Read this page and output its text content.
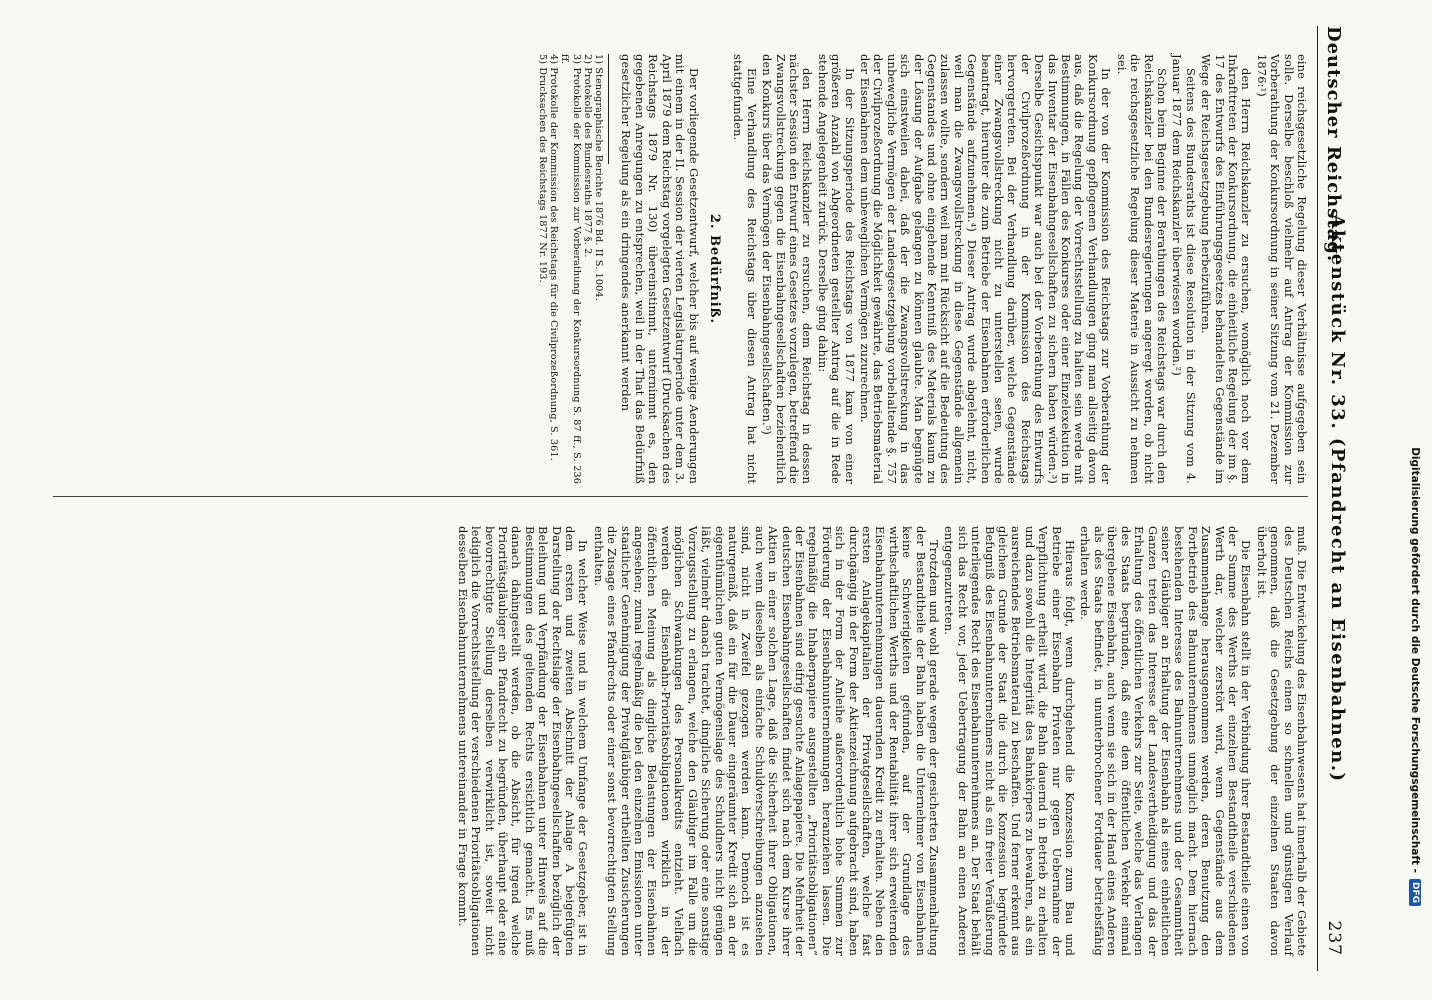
Deutscher Reichstag.
Aktenstück Nr. 33. (Pfandrecht an Eisenbahnen.)
237

eine reichsgesetzliche Regelung dieser Verhältnisse aufgegeben sein solle. Derselbe beschloß vielmehr auf Antrag der Kommission zur Vorberathung der Konkursordnung in seiner Sitzung vom 21. Dezember 1876:¹)

den Herrn Reichskanzler zu ersuchen, womöglich noch vor dem Inkrafttreten der Konkursordnung, die einheitliche Regelung der im §. 17 des Entwurfs des Einführungsgesetzes behandelten Gegenstände im Wege der Reichsgesetzgebung herbeizuführen.

Seitens des Bundesraths ist diese Resolution in der Sitzung vom 4. Januar 1877 dem Reichskanzler überwiesen worden.²)

Schon beim Beginne der Berathungen des Reichstags war durch den Reichskanzler bei den Bundesregierungen angeregt worden, ob nicht die reichsgesetzliche Regelung dieser Materie in Aussicht zu nehmen sei.

In der von der Kommission des Reichstags zur Vorberathung der Konkursordnung gepflogenen Verhandlungen ging man allseitig davon aus, daß die Regelung der Vorrechtsstellung zu halten sein werde mit Bestimmungen, in Fällen des Konkurses oder einer Einzelexekution in das Inventar der Eisenbahngesellschaften zu sichern haben würden.³) Derselbe Gesichtspunkt war auch bei der Vorberathung des Entwurfs der Civilprozeßordnung in der Kommission des Reichstags hervorgetreten. Bei der Verhandlung darüber, welche Gegenstände einer Zwangsvollstreckung nicht zu unterstellen seien, wurde beantragt, hierunter die zum Betriebe der Eisenbahnen erforderlichen Gegenstände aufzunehmen.⁴) Dieser Antrag wurde abgelehnt, nicht, weil man die Zwangsvollstreckung in diese Gegenstände allgemein zulassen wollte, sondern weil man mit Rücksicht auf die Bedeutung des Gegenstandes und ohne eingehende Kenntniß des Materials kaum zu der Lösung der Aufgabe gelangen zu können glaubte. Man begnügte sich einstweilen dabei, daß der die Zwangsvollstreckung in das unbewegliche Vermögen der Landesgesetzgebung vorbehaltende §. 757 der Civilprozeßordnung die Möglichkeit gewährte, das Betriebsmaterial der Eisenbahnen dem unbeweglichen Vermögen zuzurechnen.

In der Sitzungsperiode des Reichstags von 1877 kam von einer größeren Anzahl von Abgeordneten gestellter Antrag auf die in Rede stehende Angelegenheit zurück. Derselbe ging dahin:

den Herrn Reichskanzler zu ersuchen, dem Reichstag in dessen nächster Session den Entwurf eines Gesetzes vorzulegen, betreffend die Zwangsvollstreckung gegen die Eisenbahngesellschaften beziehentlich den Konkurs über das Vermögen der Eisenbahngesellschaften.⁵)

Eine Verhandlung des Reichstags über diesen Antrag hat nicht stattgefunden.

2. Bedürfniß.

Der vorliegende Gesetzentwurf, welcher bis auf wenige Aenderungen mit einem in der II. Session der vierten Legislaturperiode unter dem 3. April 1879 dem Reichstag vorgelegten Gesetzentwurf (Drucksachen des Reichstags 1879 Nr. 130) übereinstimmt, unternimmt es, den gegebenen Anregungen zu entsprechen, weil in der That das Bedürfniß gesetzlicher Regelung als ein dringendes anerkannt werden

1) Stenographische Berichte 1876 Bd. II S. 1004.
2) Protokolle des Bundesraths 1877 §. 2.
3) Protokolle der Kommission zur Vorberathung der Konkursordnung S. 87 ff., S. 236 ff.
4) Protokolle der Kommission des Reichstags für die Civilprozeßordnung, S. 361.
5) Drucksachen des Reichstags 1877 Nr. 193.

muß. Die Entwickelung des Eisenbahnwesens hat innerhalb der Gebiete des Deutschen Reichs einen so schnellen und günstigen Verlauf genommen, daß die Gesetzgebung der einzelnen Staaten davon überholt ist.

Die Eisenbahn stellt in der Verbindung ihrer Bestandtheile einen von der Summe des Werths der einzelnen Bestandtheile verschiedenen Werth dar, welcher zerstört wird, wenn Gegenstände aus dem Zusammenhange herausgenommen werden, deren Benutzung den Fortbetrieb des Bahnunternehmens unmöglich macht. Dem hiernach bestehenden Interesse des Bahnunternehmens und der Gesammtheit seiner Gläubiger an Erhaltung der Eisenbahn als eines einheitlichen Ganzen treten das Interesse der Landesvertheidigung und das der Erhaltung des öffentlichen Verkehrs zur Seite, welche das Verlangen des Staats begründen, daß eine dem öffentlichen Verkehr einmal übergebene Eisenbahn, auch wenn sie sich in der Hand eines Anderen als des Staats befindet, in ununterbrochener Fortdauer betriebsfähig erhalten werde.

Hieraus folgt, wenn durchgehend die Konzession zum Bau und Betriebe einer Eisenbahn Privaten nur gegen Uebernahme der Verpflichtung ertheilt wird, die Bahn dauernd in Betrieb zu erhalten und dazu sowohl die Integrität des Bahnkörpers zu bewahren, als ein ausreichendes Betriebsmaterial zu beschaffen. Und ferner erkennt aus gleichem Grunde der Staat die durch die Konzession begründete Befugniß des Eisenbahnunternehmers nicht als ein freier Veräußerung unterliegendes Recht des Eisenbahnunternehmens an. Der Staat behält sich das Recht vor, jeder Uebertragung der Bahn an einen Anderen entgegenzutreten.

Trotzdem und wohl gerade wegen der gesicherten Zusammenhaltung der Bestandtheile der Bahn haben die Unternehmer von Eisenbahnen keine Schwierigkeiten gefunden, auf der Grundlage des wirthschaftlichen Werths und der Rentabilität ihrer sich erweiternden Eisenbahnunternehmungen dauernden Kredit zu erhalten. Neben den ersten Anlagekapitalien der Privatgesellschaften, welche fast durchgängig in der Form der Aktienzeichnung aufgebracht sind, haben sich in der Form der Anleihe außerordentlich hohe Summen zur Förderung der Eisenbahnunternehmungen heranziehen lassen. Die regelmäßig die Inhaberpapiere ausgestellten „Prioritätsobligationen“ der Eisenbahnen sind eifrig gesuchte Anlagepapiere. Die Mehrheit der deutschen Eisenbahngesellschaften findet sich nach dem Kurse ihrer Aktien in einer solchen Lage, daß die Sicherheit ihrer Obligationen, auch wenn dieselben als einfache Schuldverschreibungen anzusehen sind, nicht in Zweifel gezogen werden kann. Dennoch ist es naturgemäß, daß ein für die Dauer eingeräumter Kredit sich an der eigenthümlichen guten Vermögenslage des Schuldners nicht genügen läßt, vielmehr danach trachtet, dingliche Sicherung oder eine sonstige Vorzugsstellung zu erlangen, welche den Gläubiger im Falle um die möglichen Schwankungen des Personalkredits entzieht. Vielfach werden die Eisenbahn-Prioritätsobligationen wirklich in der öffentlichen Meinung als dingliche Belastungen der Eisenbahnen angesehen; zumal regelmäßig die bei den einzelnen Emissionen unter staatlicher Genehmigung der Privatgläubiger ertheilten Zusicherungen die Zusage eines Pfandrechts oder einer sonst bevorrechtigten Stellung enthalten.

In welcher Weise und in welchem Umfange der Gesetzgeber, ist in dem ersten und zweiten Abschnitt der Anlage A beigefügten Darstellung der Rechtslage der Eisenbahngesellschaften bezüglich der Beleihung und Verpfändung der Eisenbahnen unter Hinweis auf die Bestimmungen des geltenden Rechts ersichtlich gemacht. Es muß danach dahingestellt werden, ob die Absicht, für irgend welche Prioritätsgläubiger ein Pfandrecht zu begründen, überhaupt oder eine bevorrechtigte Stellung derselben verwirklicht ist, soweit nicht lediglich die Vorrechtsstellung der verschiedenen Prioritätsobligationen desselben Eisenbahnunternehmens untereinander in Frage kommt.	Digitalisierung gefördert durch die Deutsche Forschungsgemeinschaft -
DFG
